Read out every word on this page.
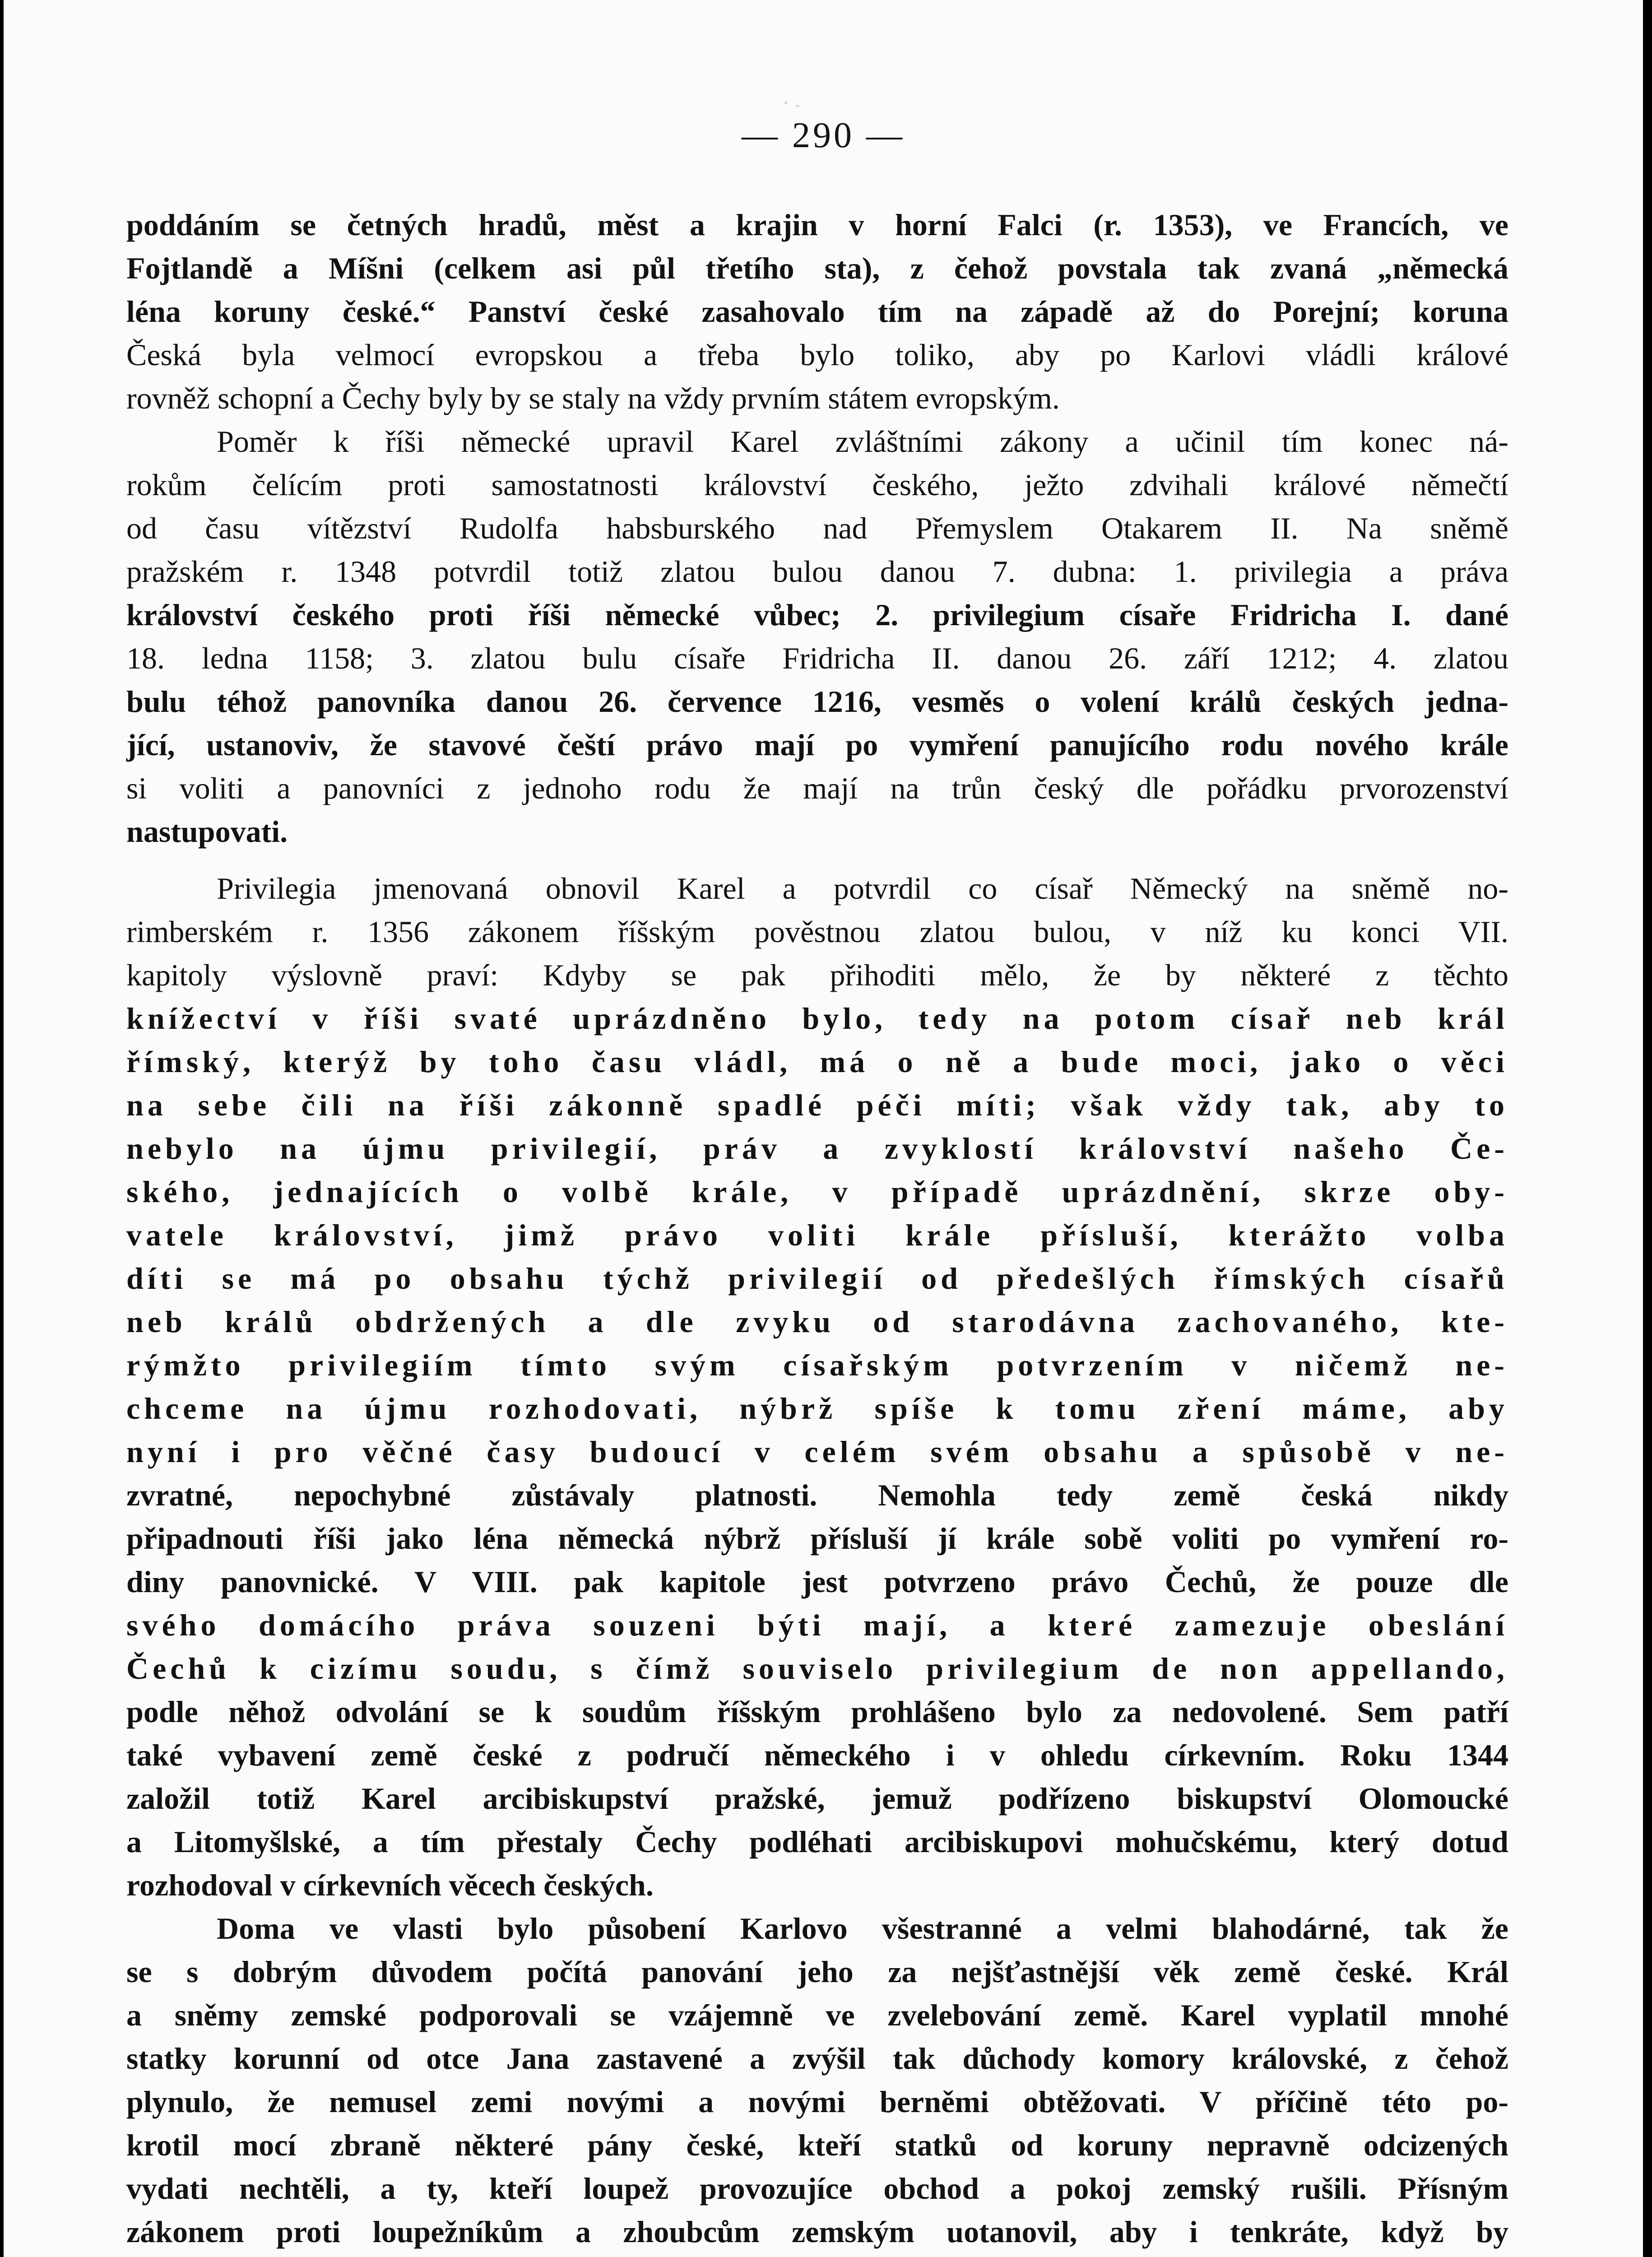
— 290 —

poddáním se četných hradů, měst a krajin v horní Falci (r. 1353), ve Francích, ve
Fojtlandě a Míšni (celkem asi půl třetího sta), z čehož povstala tak zvaná „německá
léna koruny české.“ Panství české zasahovalo tím na západě až do Porejní; koruna
Česká byla velmocí evropskou a třeba bylo toliko, aby po Karlovi vládli králové
rovněž schopní a Čechy byly by se staly na vždy prvním státem evropským.

Poměr k říši německé upravil Karel zvláštními zákony a učinil tím konec ná-
rokům čelícím proti samostatnosti království českého, ježto zdvihali králové němečtí
od času vítězství Rudolfa habsburského nad Přemyslem Otakarem II. Na sněmě
pražském r. 1348 potvrdil totiž zlatou bulou danou 7. dubna: 1. privilegia a práva
království českého proti říši německé vůbec; 2. privilegium císaře Fridricha I. dané
18. ledna 1158; 3. zlatou bulu císaře Fridricha II. danou 26. září 1212; 4. zlatou
bulu téhož panovníka danou 26. července 1216, vesměs o volení králů českých jedna-
jící, ustanoviv, že stavové čeští právo mají po vymření panujícího rodu nového krále
si voliti a panovníci z jednoho rodu že mají na trůn český dle pořádku prvorozenství
nastupovati.

Privilegia jmenovaná obnovil Karel a potvrdil co císař Německý na sněmě no-
rimberském r. 1356 zákonem říšským pověstnou zlatou bulou, v níž ku konci VII.
kapitoly výslovně praví: Kdyby se pak přihoditi mělo, že by některé z těchto
knížectví v říši svaté uprázdněno bylo, tedy na potom císař neb král
římský, kterýž by toho času vládl, má o ně a bude moci, jako o věci
na sebe čili na říši zákonně spadlé péči míti; však vždy tak, aby to
nebylo na újmu privilegií, práv a zvyklostí království našeho Če-
ského, jednajících o volbě krále, v případě uprázdnění, skrze oby-
vatele království, jimž právo voliti krále přísluší, kterážto volba
díti se má po obsahu týchž privilegií od předešlých římských císařů
neb králů obdržených a dle zvyku od starodávna zachovaného, kte-
rýmžto privilegiím tímto svým císařským potvrzením v ničemž ne-
chceme na újmu rozhodovati, nýbrž spíše k tomu zření máme, aby
nyní i pro věčné časy budoucí v celém svém obsahu a spůsobě v ne-
zvratné, nepochybné zůstávaly platnosti. Nemohla tedy země česká nikdy
připadnouti říši jako léna německá nýbrž přísluší jí krále sobě voliti po vymření ro-
diny panovnické. V VIII. pak kapitole jest potvrzeno právo Čechů, že pouze dle
svého domácího práva souzeni býti mají, a které zamezuje obeslání
Čechů k cizímu soudu, s čímž souviselo privilegium de non appellando,
podle něhož odvolání se k soudům říšským prohlášeno bylo za nedovolené. Sem patří
také vybavení země české z područí německého i v ohledu církevním. Roku 1344
založil totiž Karel arcibiskupství pražské, jemuž podřízeno biskupství Olomoucké
a Litomyšlské, a tím přestaly Čechy podléhati arcibiskupovi mohučskému, který dotud
rozhodoval v církevních věcech českých.

Doma ve vlasti bylo působení Karlovo všestranné a velmi blahodárné, tak že
se s dobrým důvodem počítá panování jeho za nejšťastnější věk země české. Král
a sněmy zemské podporovali se vzájemně ve zvelebování země. Karel vyplatil mnohé
statky korunní od otce Jana zastavené a zvýšil tak důchody komory královské, z čehož
plynulo, že nemusel zemi novými a novými berněmi obtěžovati. V příčině této po-
krotil mocí zbraně některé pány české, kteří statků od koruny nepravně odcizených
vydati nechtěli, a ty, kteří loupež provozujíce obchod a pokoj zemský rušili. Přísným
zákonem proti loupežníkům a zhoubcům zemským uotanovil, aby i tenkráte, když by
